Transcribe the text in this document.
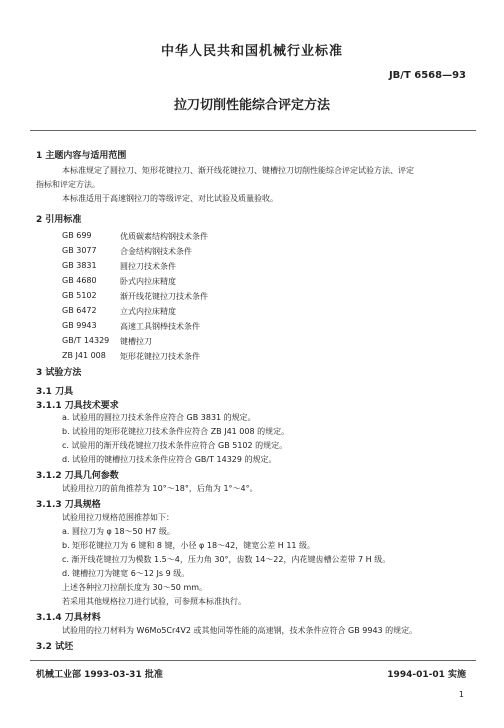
中华人民共和国机械行业标准
JB/T 6568—93
拉刀切削性能综合评定方法
1 主题内容与适用范围
本标准规定了圆拉刀、矩形花键拉刀、渐开线花键拉刀、键槽拉刀切削性能综合评定试验方法、评定
指标和评定方法。
本标准适用于高速钢拉刀的等级评定、对比试验及质量验收。
2 引用标准
GB 699	优质碳素结构钢技术条件
GB 3077	合金结构钢技术条件
GB 3831	圆拉刀技术条件
GB 4680	卧式内拉床精度
GB 5102	渐开线花键拉刀技术条件
GB 6472	立式内拉床精度
GB 9943	高速工具钢棒技术条件
GB/T 14329 键槽拉刀
ZB J41 008 矩形花键拉刀技术条件
3 试验方法
3.1 刀具
3.1.1 刀具技术要求
a. 试验用的圆拉刀技术条件应符合 GB 3831 的规定。
b. 试验用的矩形花键拉刀技术条件应符合 ZB J41 008 的规定。
c. 试验用的渐开线花键拉刀技术条件应符合 GB 5102 的规定。
d. 试验用的键槽拉刀技术条件应符合 GB/T 14329 的规定。
3.1.2 刀具几何参数
试验用拉刀的前角推荐为 10°～18°，后角为 1°～4°。
3.1.3 刀具规格
试验用拉刀规格范围推荐如下：
a. 圆拉刀为 φ 18～50 H7 级。
b. 矩形花键拉刀为 6 键和 8 键，小径 φ 18～42，键宽公差 H 11 级。
c. 渐开线花键拉刀为模数 1.5～4，压力角 30°，齿数 14～22，内花键齿槽公差带 7 H 级。
d. 键槽拉刀为键宽 6～12 Js 9 级。
上述各种拉刀拉削长度为 30～50 mm。
若采用其他规格拉刀进行试验，可参照本标准执行。
3.1.4 刀具材料
试验用的拉刀材料为 W6Mo5Cr4V2 或其他同等性能的高速钢，技术条件应符合 GB 9943 的规定。
3.2 试坯
机械工业部 1993-03-31 批准	1994-01-01 实施
1
